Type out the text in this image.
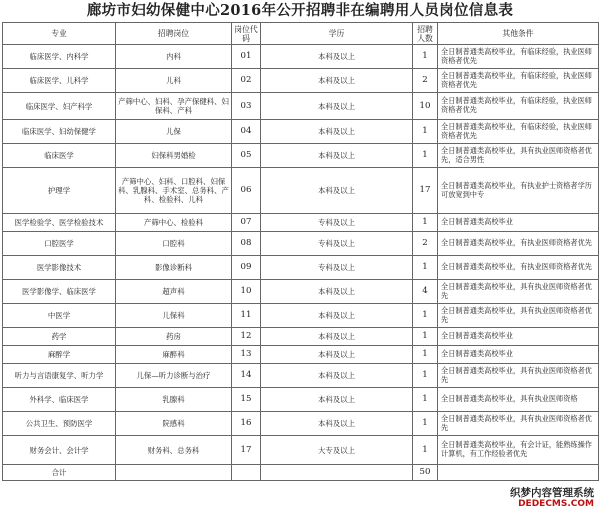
廊坊市妇幼保健中心2016年公开招聘非在编聘用人员岗位信息表
专业	招聘岗位	岗位代码	学历	招聘人数	其他条件
临床医学、内科学	内科	01	本科及以上	1	全日制普通类高校毕业，有临床经验，执业医师资格者优先
临床医学、儿科学	儿科	02	本科及以上	2	全日制普通类高校毕业，有临床经验，执业医师资格者优先
临床医学、妇产科学	产筛中心、妇科、孕产保健科、妇保科、产科	03	本科及以上	10	全日制普通类高校毕业，有临床经验，执业医师资格者优先
临床医学、妇幼保健学	儿保	04	本科及以上	1	全日制普通类高校毕业，有临床经验，执业医师资格者优先
临床医学	妇保科男婚检	05	本科及以上	1	全日制普通类高校毕业，具有执业医师资格者优先，适合男性
护理学	产筛中心、妇科、口腔科、妇保科、乳腺科、手术室、总务科、产科、检验科、儿科	06	本科及以上	17	全日制普通类高校毕业，有执业护士资格者学历可放宽到中专
医学检验学、医学检验技术	产筛中心、检验科	07	专科及以上	1	全日制普通类高校毕业
口腔医学	口腔科	08	专科及以上	2	全日制普通类高校毕业，有执业医师资格者优先
医学影像技术	影像诊断科	09	专科及以上	1	全日制普通类高校毕业，有执业医师资格者优先
医学影像学、临床医学	超声科	10	本科及以上	4	全日制普通类高校毕业，具有执业医师资格者优先
中医学	儿保科	11	本科及以上	1	全日制普通类高校毕业，具有执业医师资格者优先
药学	药房	12	本科及以上	1	全日制普通类高校毕业
麻醉学	麻醉科	13	本科及以上	1	全日制普通类高校毕业
听力与言语康复学、听力学	儿保—听力诊断与治疗	14	本科及以上	1	全日制普通类高校毕业，具有执业医师资格者优先
外科学、临床医学	乳腺科	15	本科及以上	1	全日制普通类高校毕业，具有执业医师资格
公共卫生、预防医学	院感科	16	本科及以上	1	全日制普通类高校毕业，具有执业医师资格者优先
财务会计、会计学	财务科、总务科	17	大专及以上	1	全日制普通类高校毕业，有会计证，能熟练操作计算机，有工作经验者优先
合计				50	
织梦内容管理系统
DEDECMS.COM
